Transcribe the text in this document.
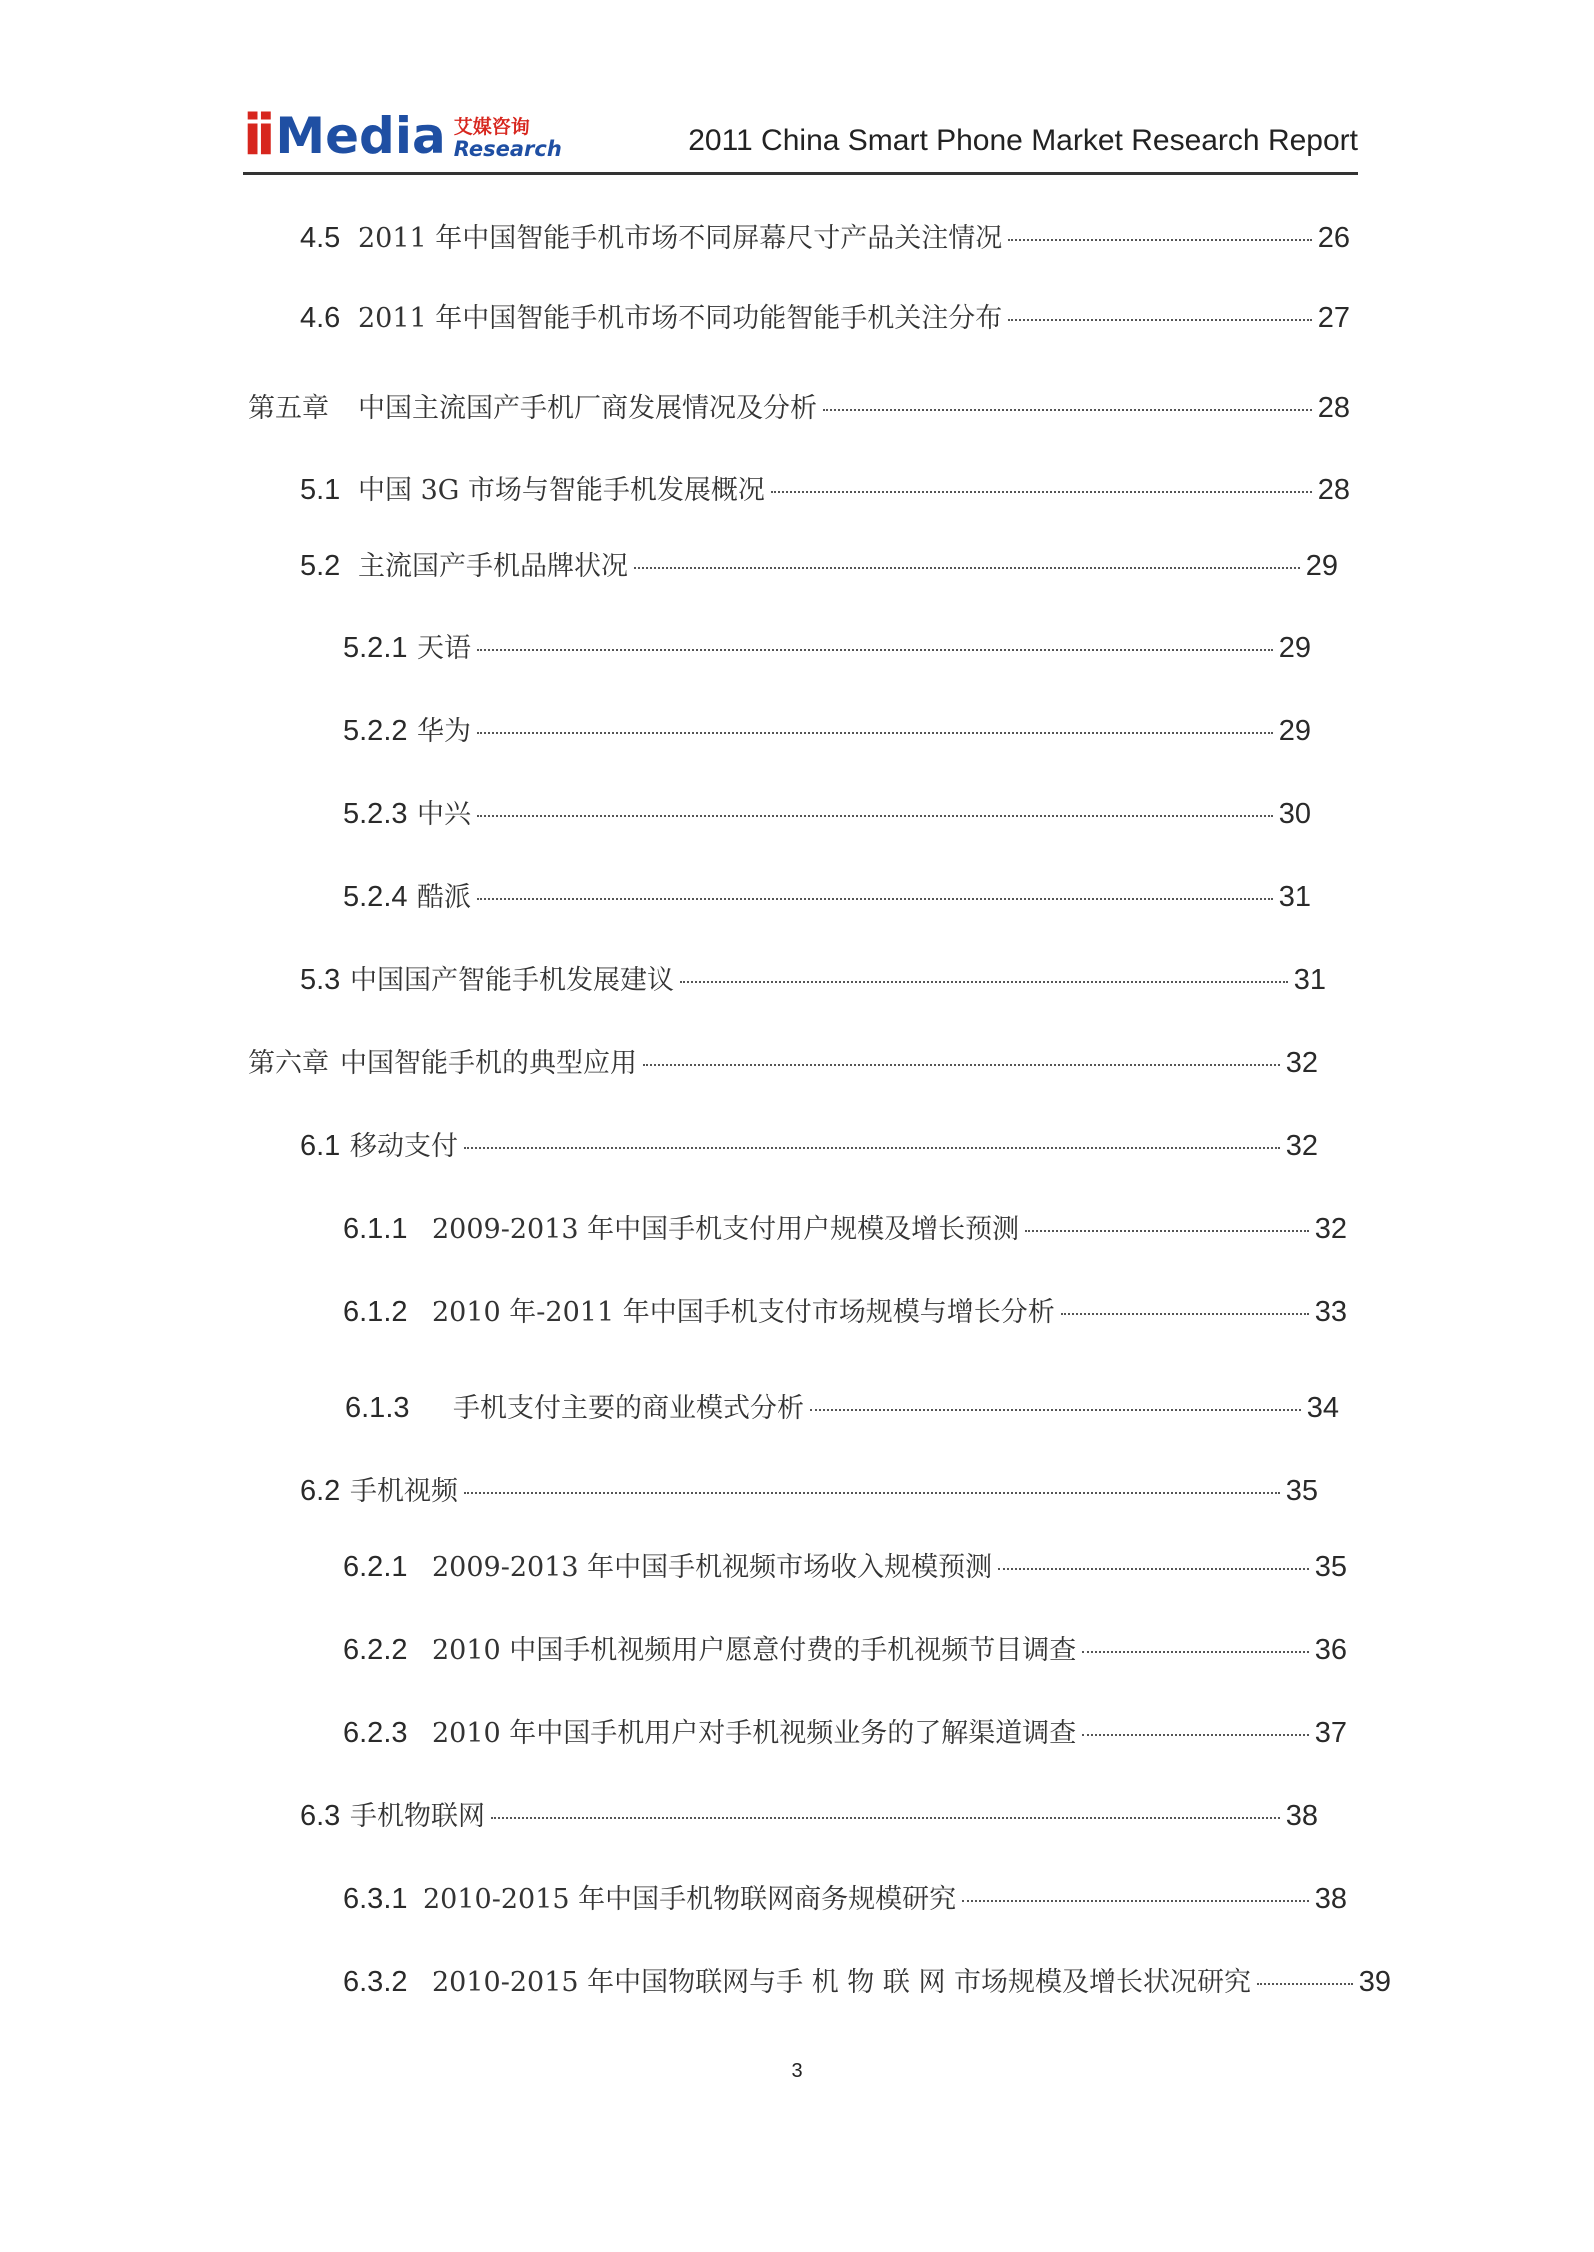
ii Media 艾媒咨询
Research	2011 China Smart Phone Market Research Report
4.5 2011 年中国智能手机市场不同屏幕尺寸产品关注情况	26
4.6 2011 年中国智能手机市场不同功能智能手机关注分布	27
第五章	中国主流国产手机厂商发展情况及分析	28
5.1 中国 3G 市场与智能手机发展概况	28
5.2 主流国产手机品牌状况	29
5.2.1 天语	29
5.2.2 华为	29
5.2.3 中兴	30
5.2.4 酷派	31
5.3 中国国产智能手机发展建议	31
第六章 中国智能手机的典型应用	32
6.1 移动支付	32
6.1.1 2009-2013 年中国手机支付用户规模及增长预测	32
6.1.2 2010 年-2011 年中国手机支付市场规模与增长分析	33
6.1.3	手机支付主要的商业模式分析	34
6.2 手机视频	35
6.2.1 2009-2013 年中国手机视频市场收入规模预测	35
6.2.2 2010 中国手机视频用户愿意付费的手机视频节目调查	36
6.2.3 2010 年中国手机用户对手机视频业务的了解渠道调查	37
6.3 手机物联网	38
6.3.1 2010-2015 年中国手机物联网商务规模研究	38
6.3.2 2010-2015 年中国物联网与手 机 物 联 网 市场规模及增长状况研究	39
3
